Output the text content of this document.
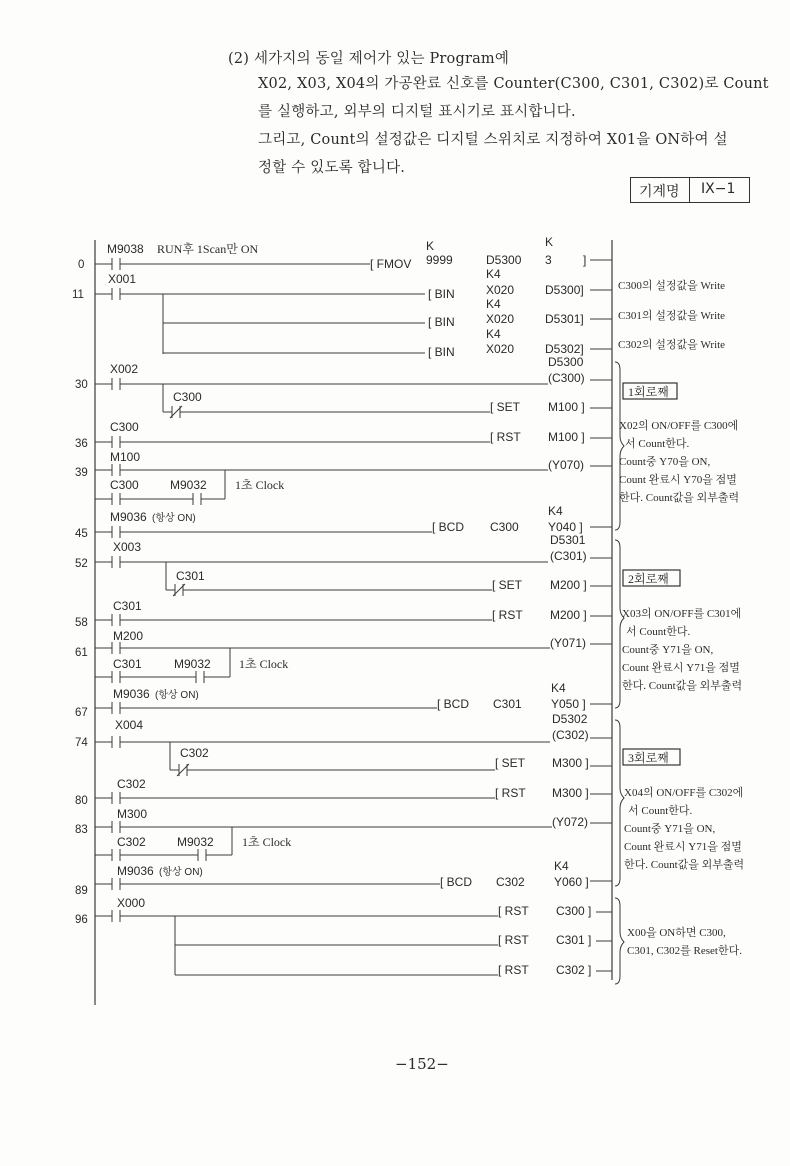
(2) 세가지의 동일 제어가 있는 Program예
X02, X03, X04의 가공완료 신호를 Counter(C300, C301, C302)로 Count
를 실행하고, 외부의 디지털 표시기로 표시합니다.
그리고, Count의 설정값은 디지털 스위치로 지정하여 X01을 ON하여 설
정할 수 있도록 합니다.
기계명 IX−1
0
11
30
36
39
45
52
58
61
67
74
80
83
89
96
M9038 RUN후 1Scan만 ON	K	K
[ FMOV 9999	D5300 3	]
X001	K4
[ BIN	X020	D5300]
K4
[ BIN	X020	D5301]
K4
[ BIN	X020	D5302]
C300의 설정값을 Write
C301의 설정값을 Write
C302의 설정값을 Write
X002	D5300
(C300)
C300
[ SET M100 ]
C300
[ RST M100 ]
M100
(Y070)
C300	M9032 1초 Clock
M9036 (항상 ON)
K4
[ BCD C300 Y040 ]
X003	D5301
(C301)
C301
[ SET M200 ]
C301
[ RST M200 ]
M200	(Y071)
C301	M9032 1초 Clock
M9036 (항상 ON)
K4
[ BCD C301 Y050 ]
X004	D5302
(C302)
C302
[ SET M300 ]
C302
[ RST M300 ]
M300
(Y072)
C302	M9032 1초 Clock
M9036 (항상 ON)	K4
[ BCD C302 Y060 ]
X000
[ RST C300 ]
[ RST C301 ]
[ RST C302 ]
1회로째
X02의 ON/OFF를 C300에
서 Count한다.
Count중 Y70을 ON,
Count 완료시 Y70을 점멸
한다. Count값을 외부출력
2회로째
X03의 ON/OFF를 C301에
서 Count한다.
Count중 Y71을 ON,
Count 완료시 Y71을 점멸
한다. Count값을 외부출력
3회로째
X04의 ON/OFF를 C302에
서 Count한다.
Count중 Y71을 ON,
Count 완료시 Y71을 점멸
한다. Count값을 외부출력
X00을 ON하면 C300,
C301, C302를 Reset한다.
−152−
